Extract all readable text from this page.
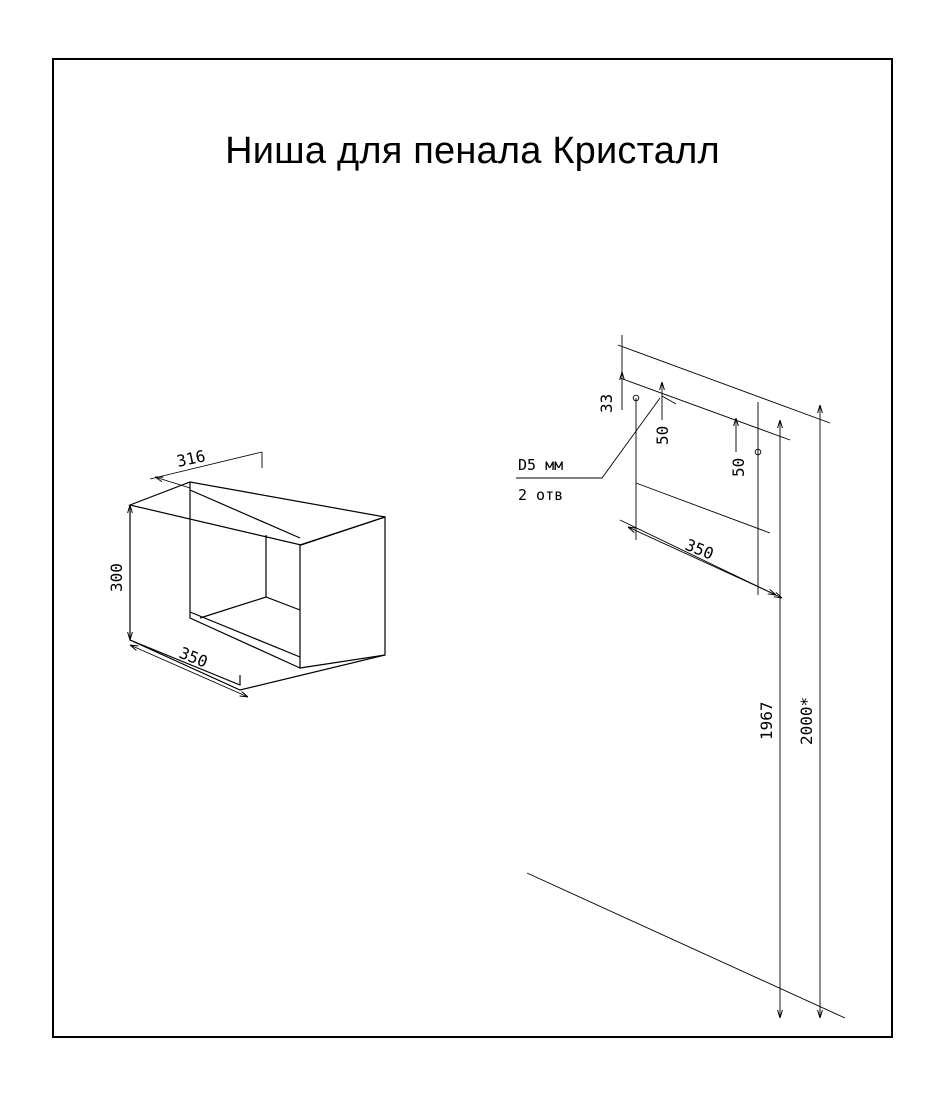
Ниша для пенала Кристалл
316
300
350
33
50
50
D5 мм
2 отв
350
1967 2000*
